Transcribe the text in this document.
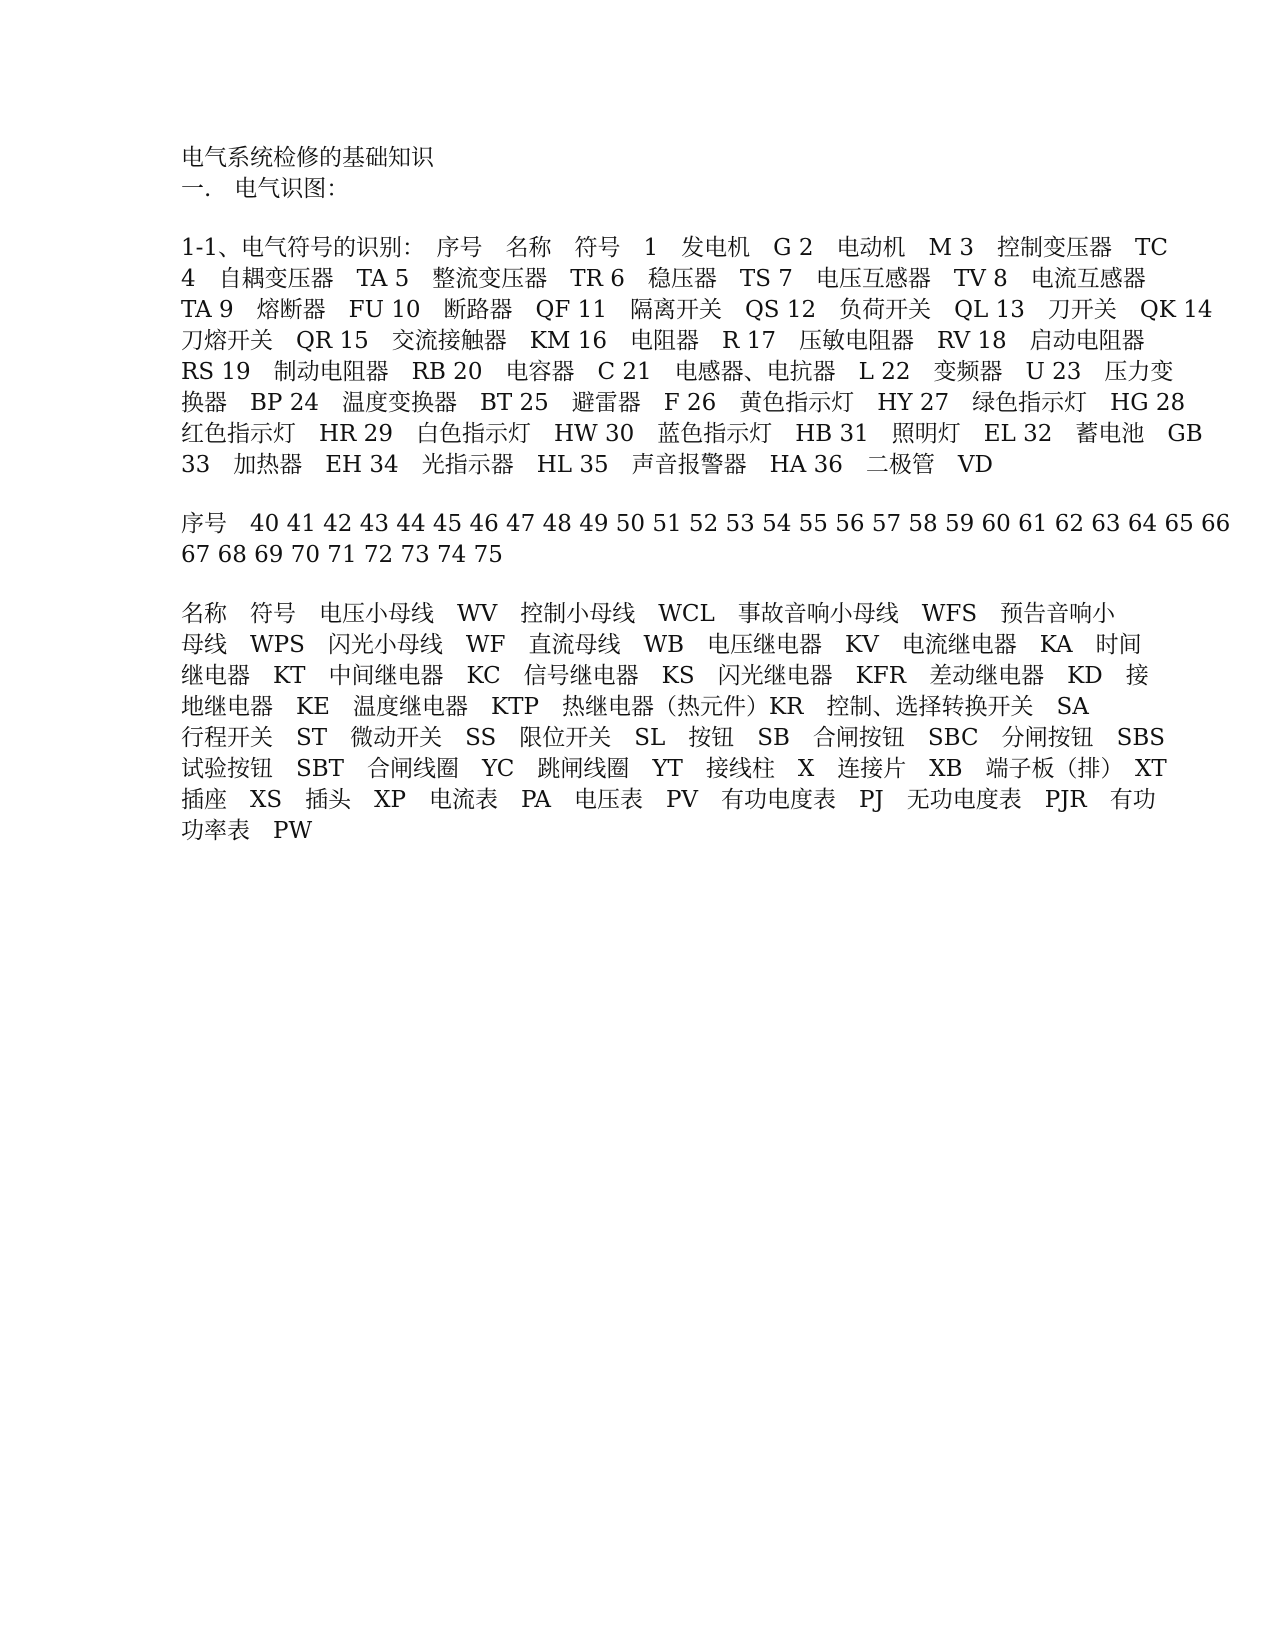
电气系统检修的基础知识
一.　电气识图：
1-1、电气符号的识别：　序号　名称　符号　1　发电机　G 2　电动机　M 3　控制变压器　TC
4　自耦变压器　TA 5　整流变压器　TR 6　稳压器　TS 7　电压互感器　TV 8　电流互感器
TA 9　熔断器　FU 10　断路器　QF 11　隔离开关　QS 12　负荷开关　QL 13　刀开关　QK 14
刀熔开关　QR 15　交流接触器　KM 16　电阻器　R 17　压敏电阻器　RV 18　启动电阻器
RS 19　制动电阻器　RB 20　电容器　C 21　电感器、电抗器　L 22　变频器　U 23　压力变
换器　BP 24　温度变换器　BT 25　避雷器　F 26　黄色指示灯　HY 27　绿色指示灯　HG 28
红色指示灯　HR 29　白色指示灯　HW 30　蓝色指示灯　HB 31　照明灯　EL 32　蓄电池　GB
33　加热器　EH 34　光指示器　HL 35　声音报警器　HA 36　二极管　VD
序号　40 41 42 43 44 45 46 47 48 49 50 51 52 53 54 55 56 57 58 59 60 61 62 63 64 65 66
67 68 69 70 71 72 73 74 75
名称　符号　电压小母线　WV　控制小母线　WCL　事故音响小母线　WFS　预告音响小
母线　WPS　闪光小母线　WF　直流母线　WB　电压继电器　KV　电流继电器　KA　时间
继电器　KT　中间继电器　KC　信号继电器　KS　闪光继电器　KFR　差动继电器　KD　接
地继电器　KE　温度继电器　KTP　热继电器（热元件）KR　控制、选择转换开关　SA
行程开关　ST　微动开关　SS　限位开关　SL　按钮　SB　合闸按钮　SBC　分闸按钮　SBS
试验按钮　SBT　合闸线圈　YC　跳闸线圈　YT　接线柱　X　连接片　XB　端子板（排）　XT
插座　XS　插头　XP　电流表　PA　电压表　PV　有功电度表　PJ　无功电度表　PJR　有功
功率表　PW
